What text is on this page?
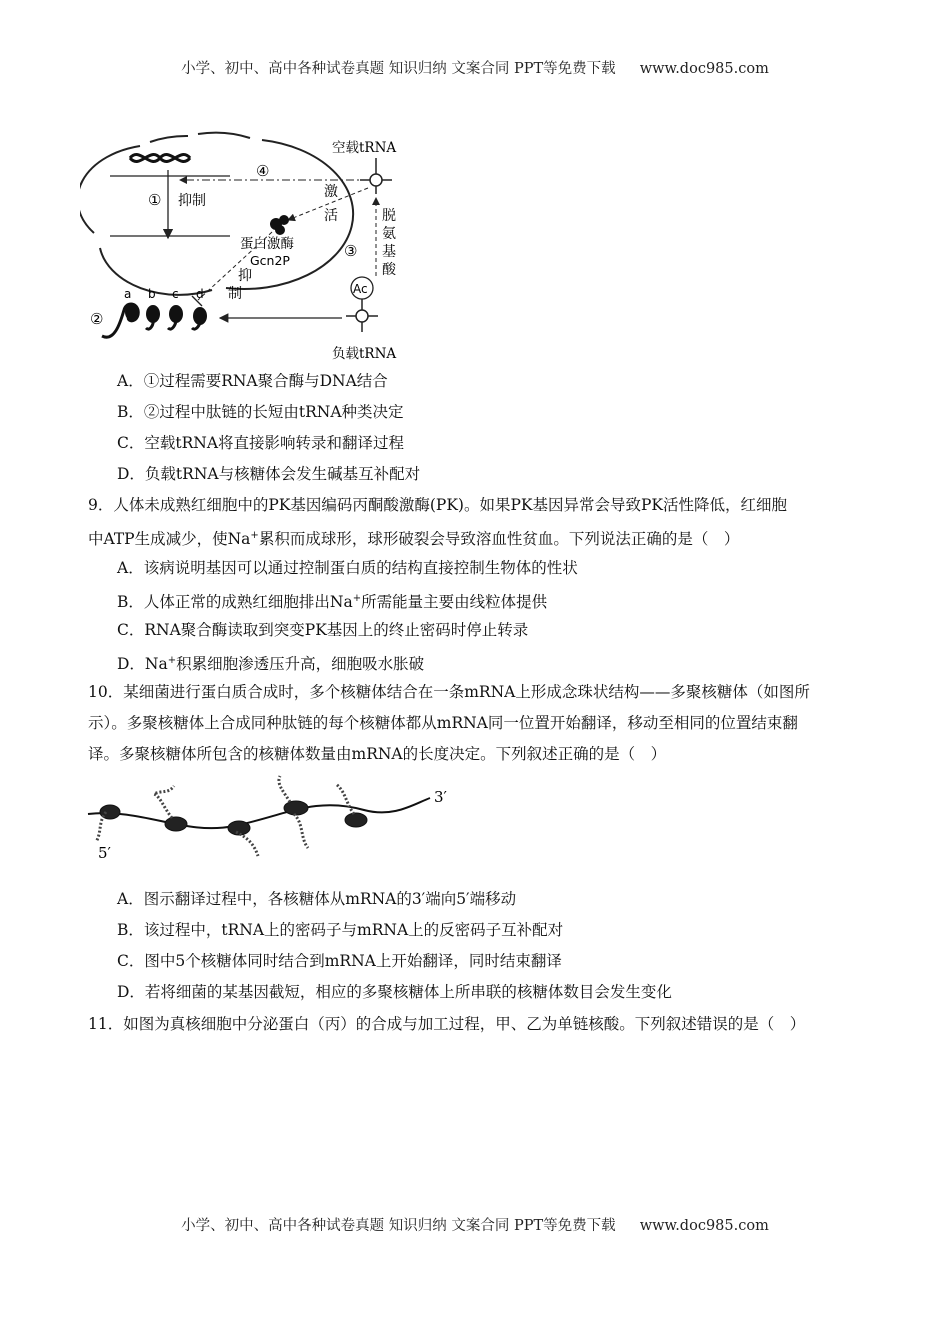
小学、初中、高中各种试卷真题 知识归纳 文案合同 PPT等免费下载 www.doc985.com
① 抑制
④
空载tRNA
激
活
蛋白激酶
Gcn2P
③
脱
氨
基
酸
Ac
负载tRNA
抑
制
②
a b c d
A．①过程需要RNA聚合酶与DNA结合
B．②过程中肽链的长短由tRNA种类决定
C．空载tRNA将直接影响转录和翻译过程
D．负载tRNA与核糖体会发生碱基互补配对
9．人体未成熟红细胞中的PK基因编码丙酮酸激酶(PK)。如果PK基因异常会导致PK活性降低，红细胞
中ATP生成减少，使Na+累积而成球形，球形破裂会导致溶血性贫血。下列说法正确的是（　）
A．该病说明基因可以通过控制蛋白质的结构直接控制生物体的性状
B．人体正常的成熟红细胞排出Na+所需能量主要由线粒体提供
C．RNA聚合酶读取到突变PK基因上的终止密码时停止转录
D．Na+积累细胞渗透压升高，细胞吸水胀破
10．某细菌进行蛋白质合成时，多个核糖体结合在一条mRNA上形成念珠状结构——多聚核糖体（如图所
示）。多聚核糖体上合成同种肽链的每个核糖体都从mRNA同一位置开始翻译，移动至相同的位置结束翻
译。多聚核糖体所包含的核糖体数量由mRNA的长度决定。下列叙述正确的是（　）
3′
5′
A．图示翻译过程中，各核糖体从mRNA的3′端向5′端移动
B．该过程中，tRNA上的密码子与mRNA上的反密码子互补配对
C．图中5个核糖体同时结合到mRNA上开始翻译，同时结束翻译
D．若将细菌的某基因截短，相应的多聚核糖体上所串联的核糖体数目会发生变化
11．如图为真核细胞中分泌蛋白（丙）的合成与加工过程，甲、乙为单链核酸。下列叙述错误的是（　）
小学、初中、高中各种试卷真题 知识归纳 文案合同 PPT等免费下载 www.doc985.com
